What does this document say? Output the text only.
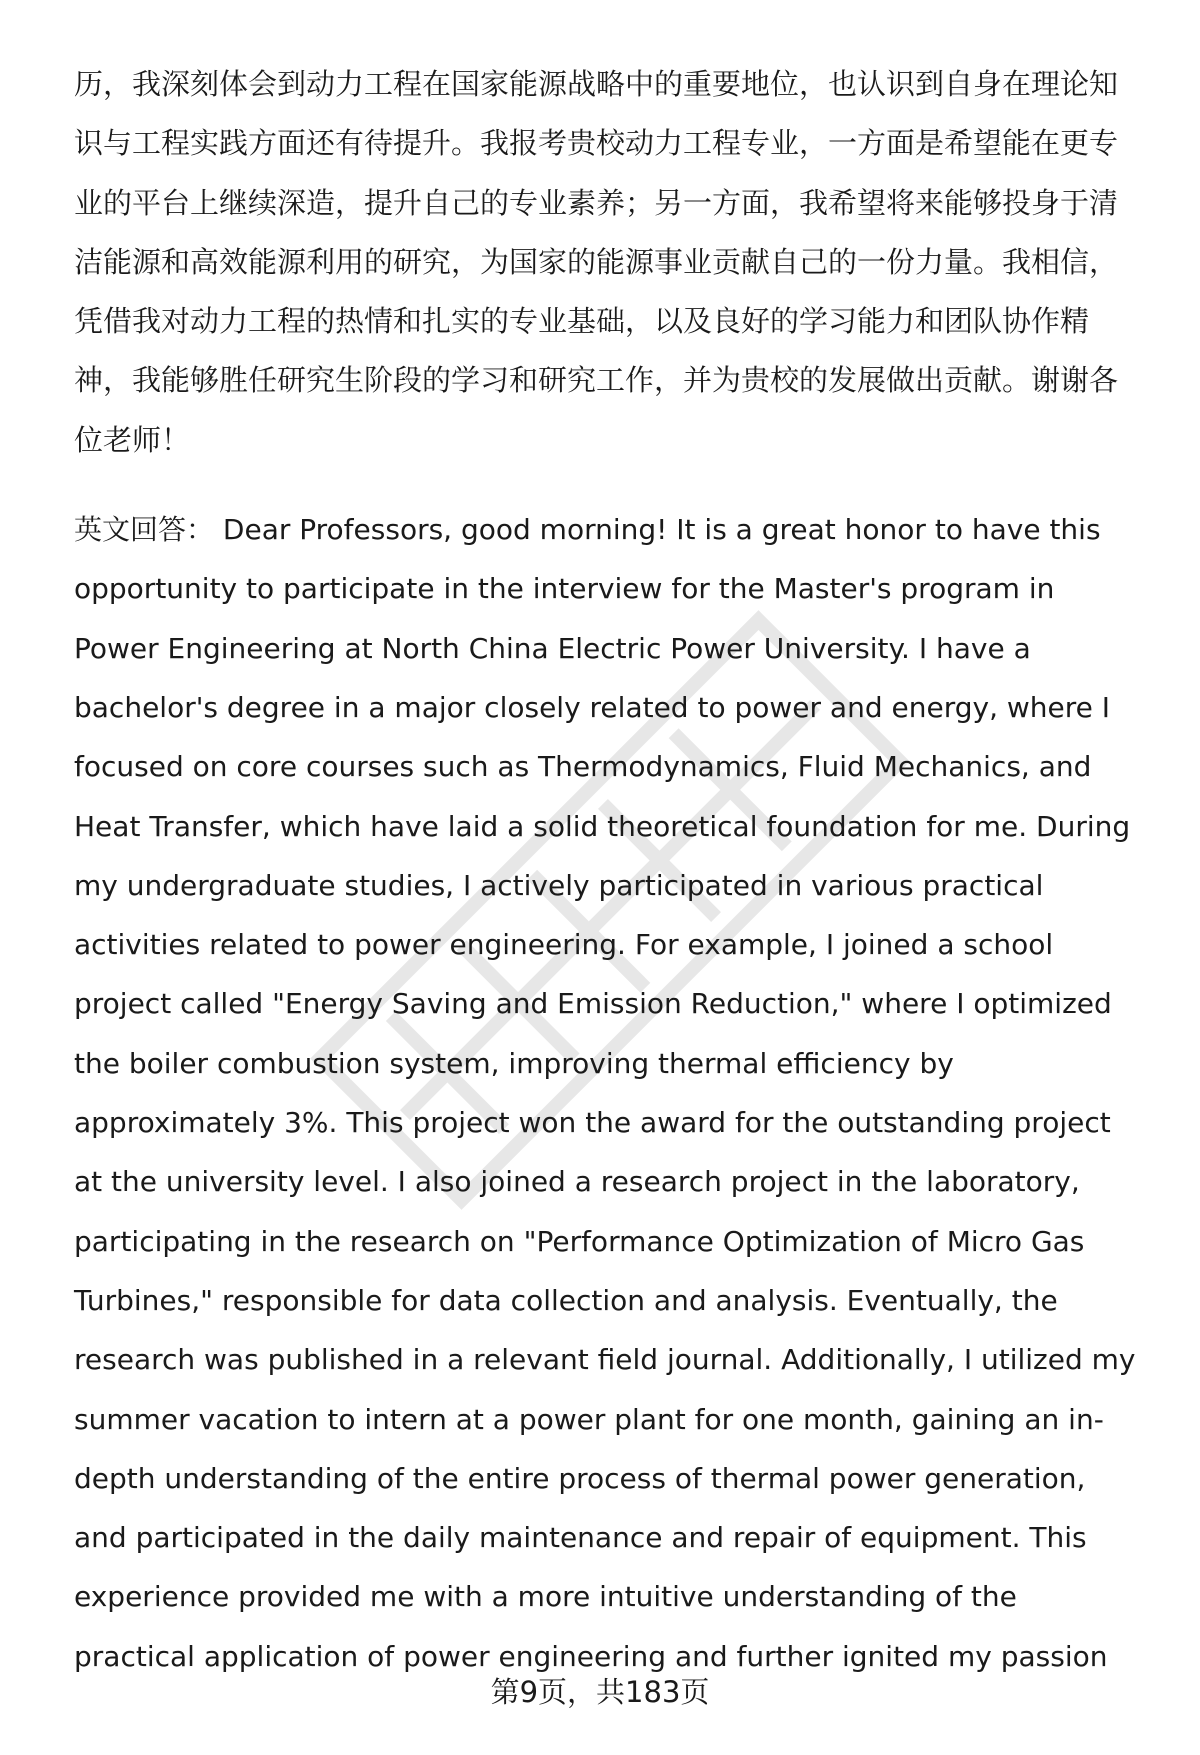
历，我深刻体会到动力工程在国家能源战略中的重要地位，也认识到自身在理论知
识与工程实践方面还有待提升。我报考贵校动力工程专业，一方面是希望能在更专
业的平台上继续深造，提升自己的专业素养；另一方面，我希望将来能够投身于清
洁能源和高效能源利用的研究，为国家的能源事业贡献自己的一份力量。我相信，
凭借我对动力工程的热情和扎实的专业基础，以及良好的学习能力和团队协作精
神，我能够胜任研究生阶段的学习和研究工作，并为贵校的发展做出贡献。谢谢各
位老师！
英文回答： Dear Professors, good morning! It is a great honor to have this
opportunity to participate in the interview for the Master's program in
Power Engineering at North China Electric Power University. I have a
bachelor's degree in a major closely related to power and energy, where I
focused on core courses such as Thermodynamics, Fluid Mechanics, and
Heat Transfer, which have laid a solid theoretical foundation for me. During
my undergraduate studies, I actively participated in various practical
activities related to power engineering. For example, I joined a school
project called "Energy Saving and Emission Reduction," where I optimized
the boiler combustion system, improving thermal efficiency by
approximately 3%. This project won the award for the outstanding project
at the university level. I also joined a research project in the laboratory,
participating in the research on "Performance Optimization of Micro Gas
Turbines," responsible for data collection and analysis. Eventually, the
research was published in a relevant field journal. Additionally, I utilized my
summer vacation to intern at a power plant for one month, gaining an in-
depth understanding of the entire process of thermal power generation,
and participated in the daily maintenance and repair of equipment. This
experience provided me with a more intuitive understanding of the
practical application of power engineering and further ignited my passion
第9页，共183页
